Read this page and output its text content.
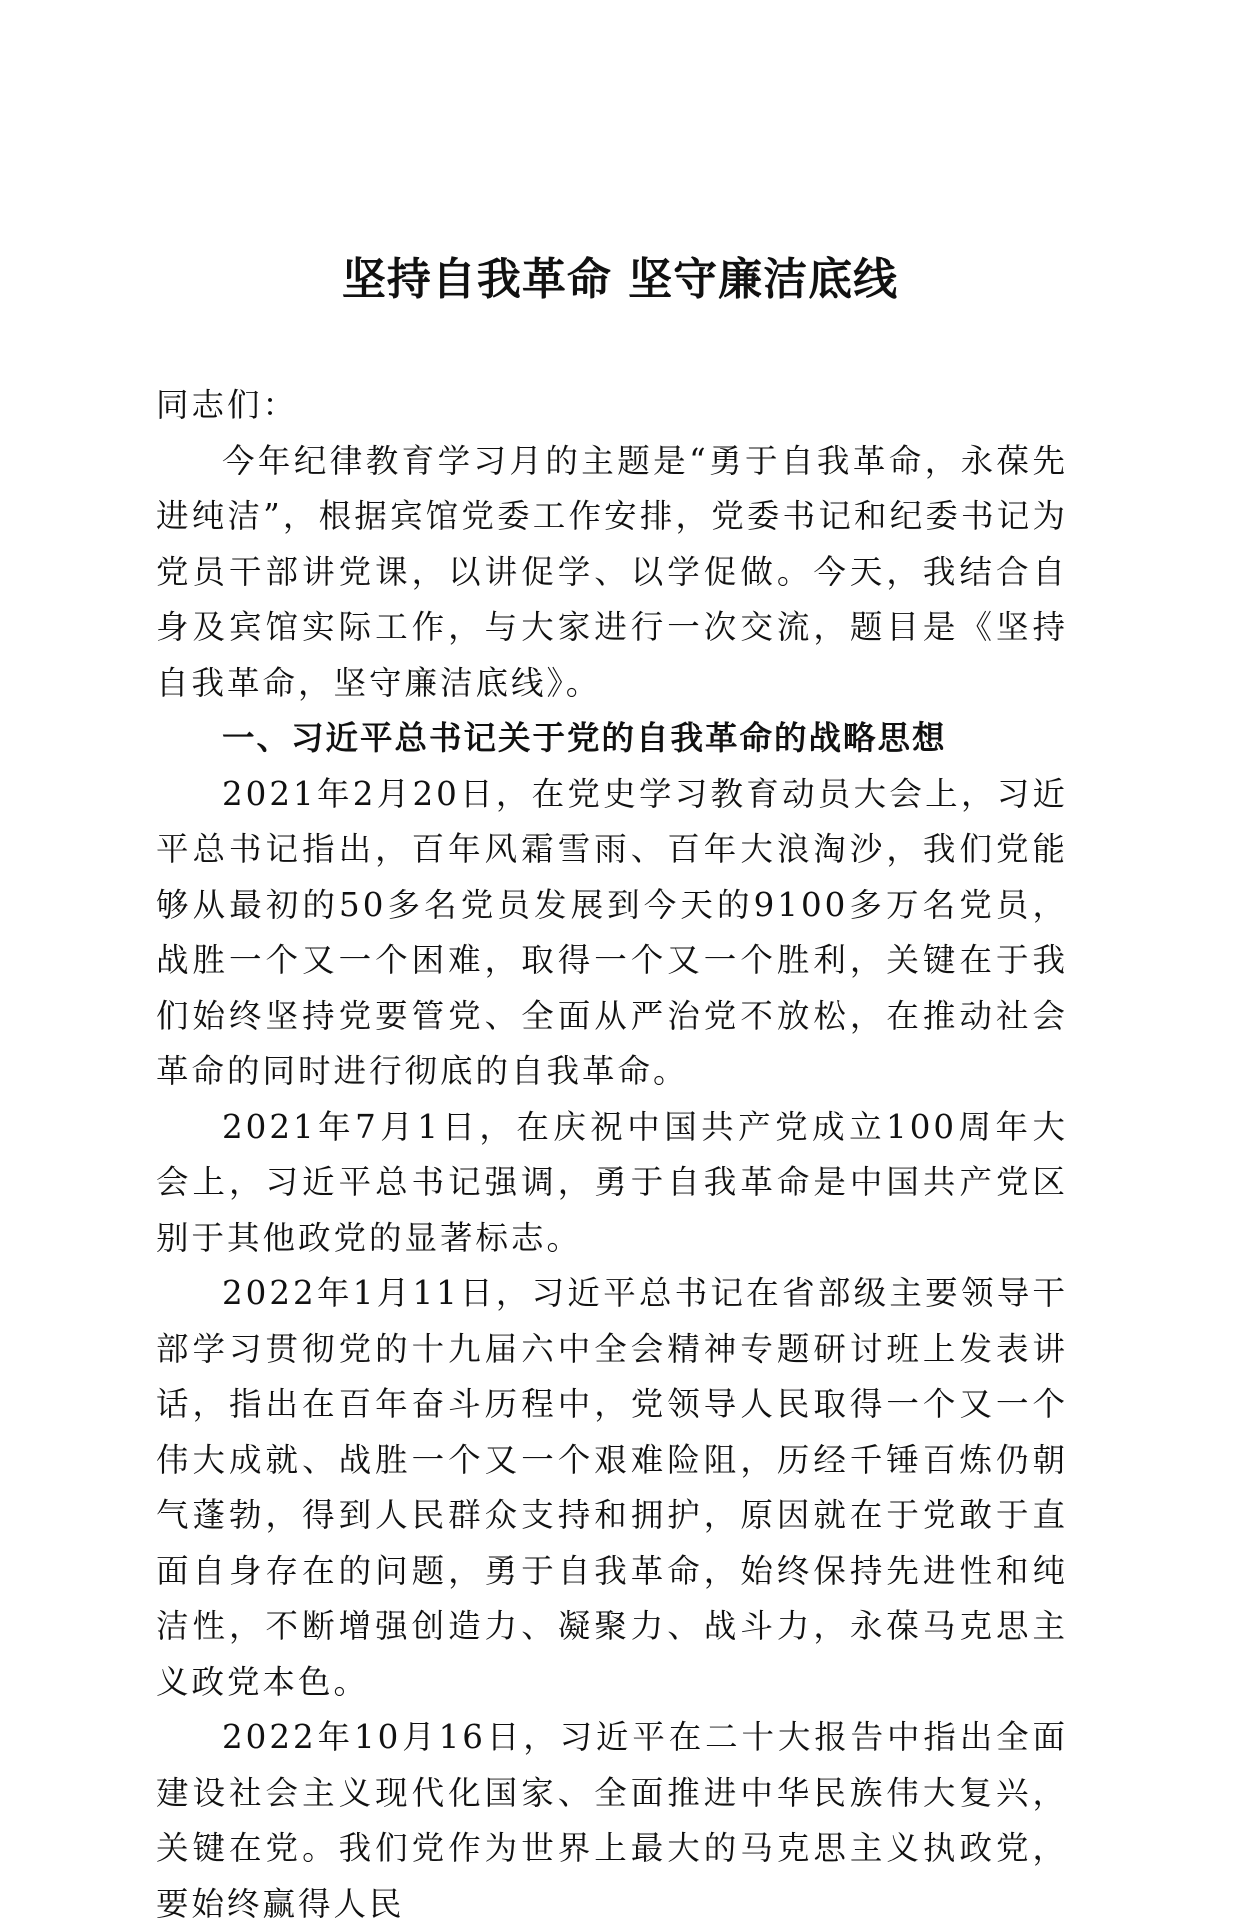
坚持自我革命 坚守廉洁底线

同志们：

今年纪律教育学习月的主题是“勇于自我革命，永葆先进纯洁”，根据宾馆党委工作安排，党委书记和纪委书记为党员干部讲党课，以讲促学、以学促做。今天，我结合自身及宾馆实际工作，与大家进行一次交流，题目是《坚持自我革命，坚守廉洁底线》。

一、习近平总书记关于党的自我革命的战略思想

2021年2月20日，在党史学习教育动员大会上，习近平总书记指出，百年风霜雪雨、百年大浪淘沙，我们党能够从最初的50多名党员发展到今天的9100多万名党员，战胜一个又一个困难，取得一个又一个胜利，关键在于我们始终坚持党要管党、全面从严治党不放松，在推动社会革命的同时进行彻底的自我革命。

2021年7月1日，在庆祝中国共产党成立100周年大会上，习近平总书记强调，勇于自我革命是中国共产党区别于其他政党的显著标志。

2022年1月11日，习近平总书记在省部级主要领导干部学习贯彻党的十九届六中全会精神专题研讨班上发表讲话，指出在百年奋斗历程中，党领导人民取得一个又一个伟大成就、战胜一个又一个艰难险阻，历经千锤百炼仍朝气蓬勃，得到人民群众支持和拥护，原因就在于党敢于直面自身存在的问题，勇于自我革命，始终保持先进性和纯洁性，不断增强创造力、凝聚力、战斗力，永葆马克思主义政党本色。

2022年10月16日，习近平在二十大报告中指出全面建设社会主义现代化国家、全面推进中华民族伟大复兴，关键在党。我们党作为世界上最大的马克思主义执政党，要始终赢得人民
